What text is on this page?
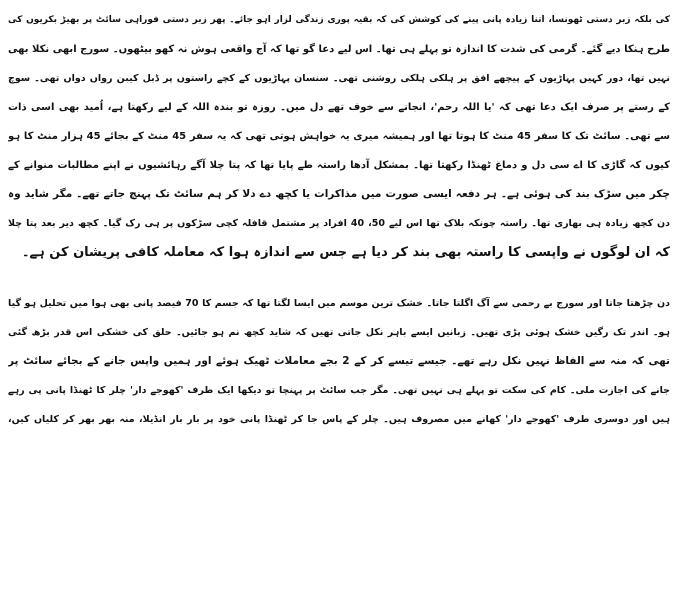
کی بلکہ زبر دستی ٹھونسا، اتنا زیادہ پانی پینے کی کوشش کی کہ بقیہ پوری زندگی لزار اہو جائے۔ پھر زبر دستی فوراہی سائٹ پر بھیڑ بکریوں کی
طرح ہنکا دیے گئے۔ گرمی کی شدت کا اندازہ تو پہلے ہی تھا۔ اس لیے دعا گو تھا کہ آج واقعی ہوش نہ کھو بیٹھوں۔ سورج ابھی نکلا بھی
نہیں تھا، دور کہیں پہاڑیوں کے پیچھے افق پر ہلکی ہلکی روشنی تھی۔ سنسان پہاڑیوں کے کچے راستوں پر ڈبل کیبن رواں دواں تھی۔ سوچ
کے رستے پر صرف ایک دعا تھی کہ 'یا اللہ رحم'، انجانے سے خوف تھے دل میں۔ روزہ تو بندہ اللہ کے لیے رکھتا ہے، اُمید بھی اسی ذات
سے تھی۔ سائٹ تک کا سفر 45 منٹ کا ہوتا تھا اور ہمیشہ میری یہ خواہش ہوتی تھی کہ یہ سفر 45 منٹ کے بجائے 45 ہزار منٹ کا ہو
کیوں کہ گاڑی کا اے سی دل و دماغ ٹھنڈا رکھتا تھا۔ بمشکل آدھا راستہ طے پایا تھا کہ پتا چلا آگے رہائشیوں نے اپنے مطالبات منوانے کے
چکر میں سڑک بند کی ہوئی ہے۔ ہر دفعہ ایسی صورت میں مذاکرات یا کچھ دے دلا کر ہم سائٹ تک پہنچ جاتے تھے۔ مگر شاید وہ
دن کچھ زیادہ ہی بھاری تھا۔ راستہ چونکہ بلاک تھا اس لیے 50، 40 افراد پر مشتمل قافلہ کچی سڑکوں پر ہی رک گیا۔ کچھ دیر بعد پتا چلا
کہ ان لوگوں نے واپسی کا راستہ بھی بند کر دیا ہے جس سے اندازہ ہوا کہ معاملہ کافی پریشان کن ہے۔
دن چڑھتا جاتا اور سورج بے رحمی سے آگ اگلتا جاتا۔ خشک ترین موسم میں ایسا لگتا تھا کہ جسم کا 70 فیصد پانی بھی ہوا میں تحلیل ہو گیا
ہو۔ اندر تک رگیں خشک ہوئی پڑی تھیں۔ زبانیں ایسے باہر نکل جاتی تھیں کہ شاید کچھ نم ہو جائیں۔ حلق کی خشکی اس قدر بڑھ گئی
تھی کہ منہ سے الفاظ نہیں نکل رہے تھے۔ جیسے تیسے کر کے 2 بجے معاملات ٹھیک ہوئے اور ہمیں واپس جانے کے بجائے سائٹ پر
جانے کی اجازت ملی۔ کام کی سکت تو پہلے ہی نہیں تھی۔ مگر جب سائٹ پر پہنچا تو دیکھا ایک طرف 'کھوجے دار' چلر کا ٹھنڈا پانی پی رہے
ہیں اور دوسری طرف 'کھوجے دار' کھانے میں مصروف ہیں۔ چلر کے پاس جا کر ٹھنڈا پانی خود پر بار بار انڈیلا، منہ بھر بھر کر کلیاں کیں،
